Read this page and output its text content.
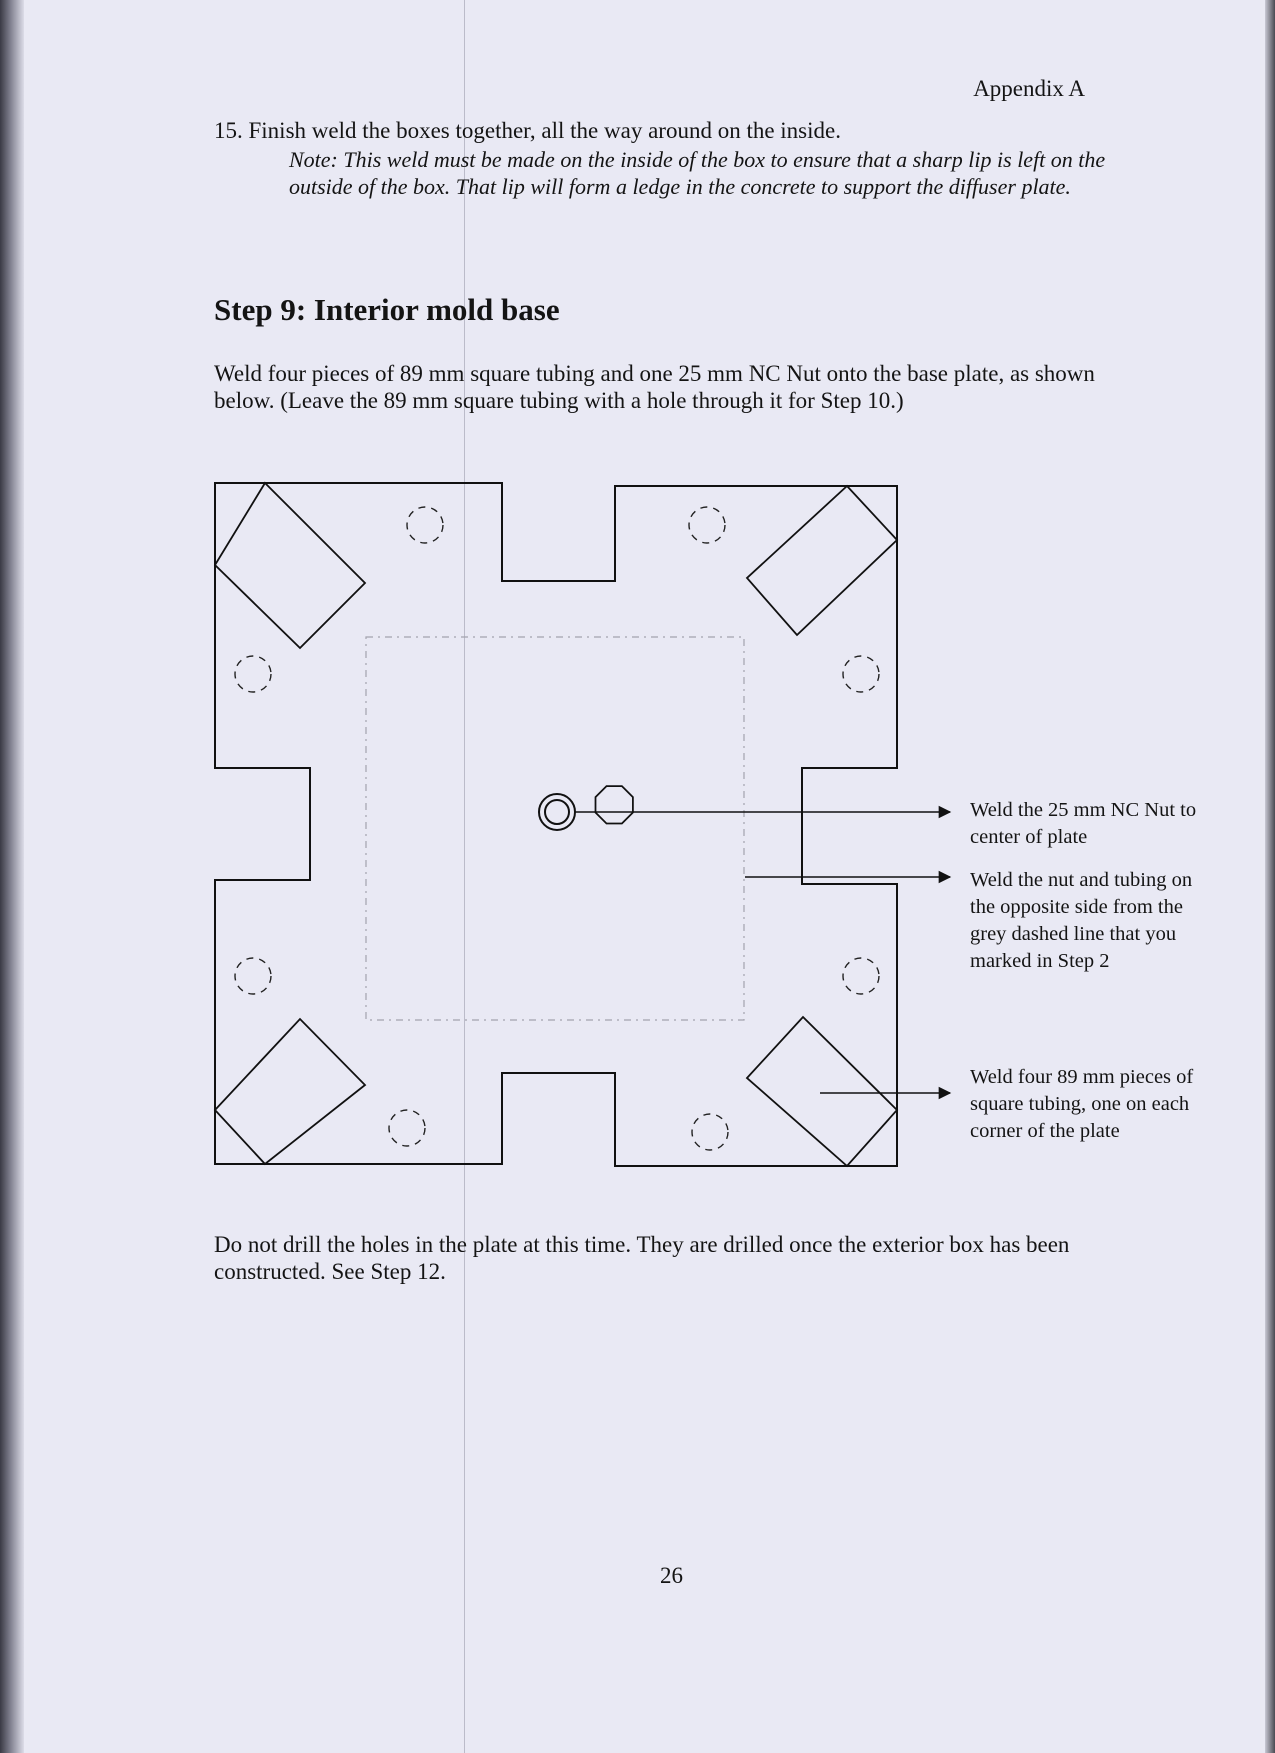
Appendix A
15. Finish weld the boxes together, all the way around on the inside.
Note: This weld must be made on the inside of the box to ensure that a sharp lip is left on the outside of the box. That lip will form a ledge in the concrete to support the diffuser plate.
Step 9: Interior mold base
Weld four pieces of 89 mm square tubing and one 25 mm NC Nut onto the base plate, as shown below. (Leave the 89 mm square tubing with a hole through it for Step 10.)
Weld the 25 mm NC Nut to center of plate
Weld the nut and tubing on the opposite side from the grey dashed line that you marked in Step 2
Weld four 89 mm pieces of square tubing, one on each corner of the plate
Do not drill the holes in the plate at this time. They are drilled once the exterior box has been constructed. See Step 12.
26
